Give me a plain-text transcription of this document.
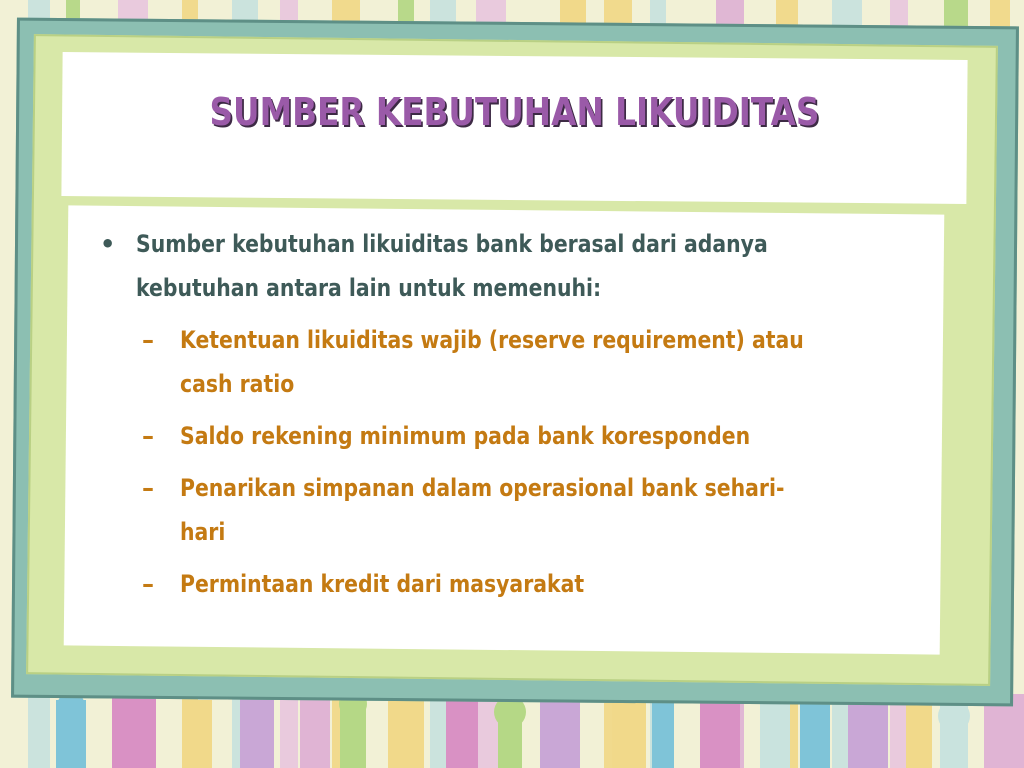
SUMBER KEBUTUHAN LIKUIDITAS
• Sumber kebutuhan likuiditas bank berasal dari adanya
kebutuhan antara lain untuk memenuhi:
– Ketentuan likuiditas wajib (reserve requirement) atau
cash ratio
– Saldo rekening minimum pada bank koresponden
– Penarikan simpanan dalam operasional bank sehari-
hari
– Permintaan kredit dari masyarakat
